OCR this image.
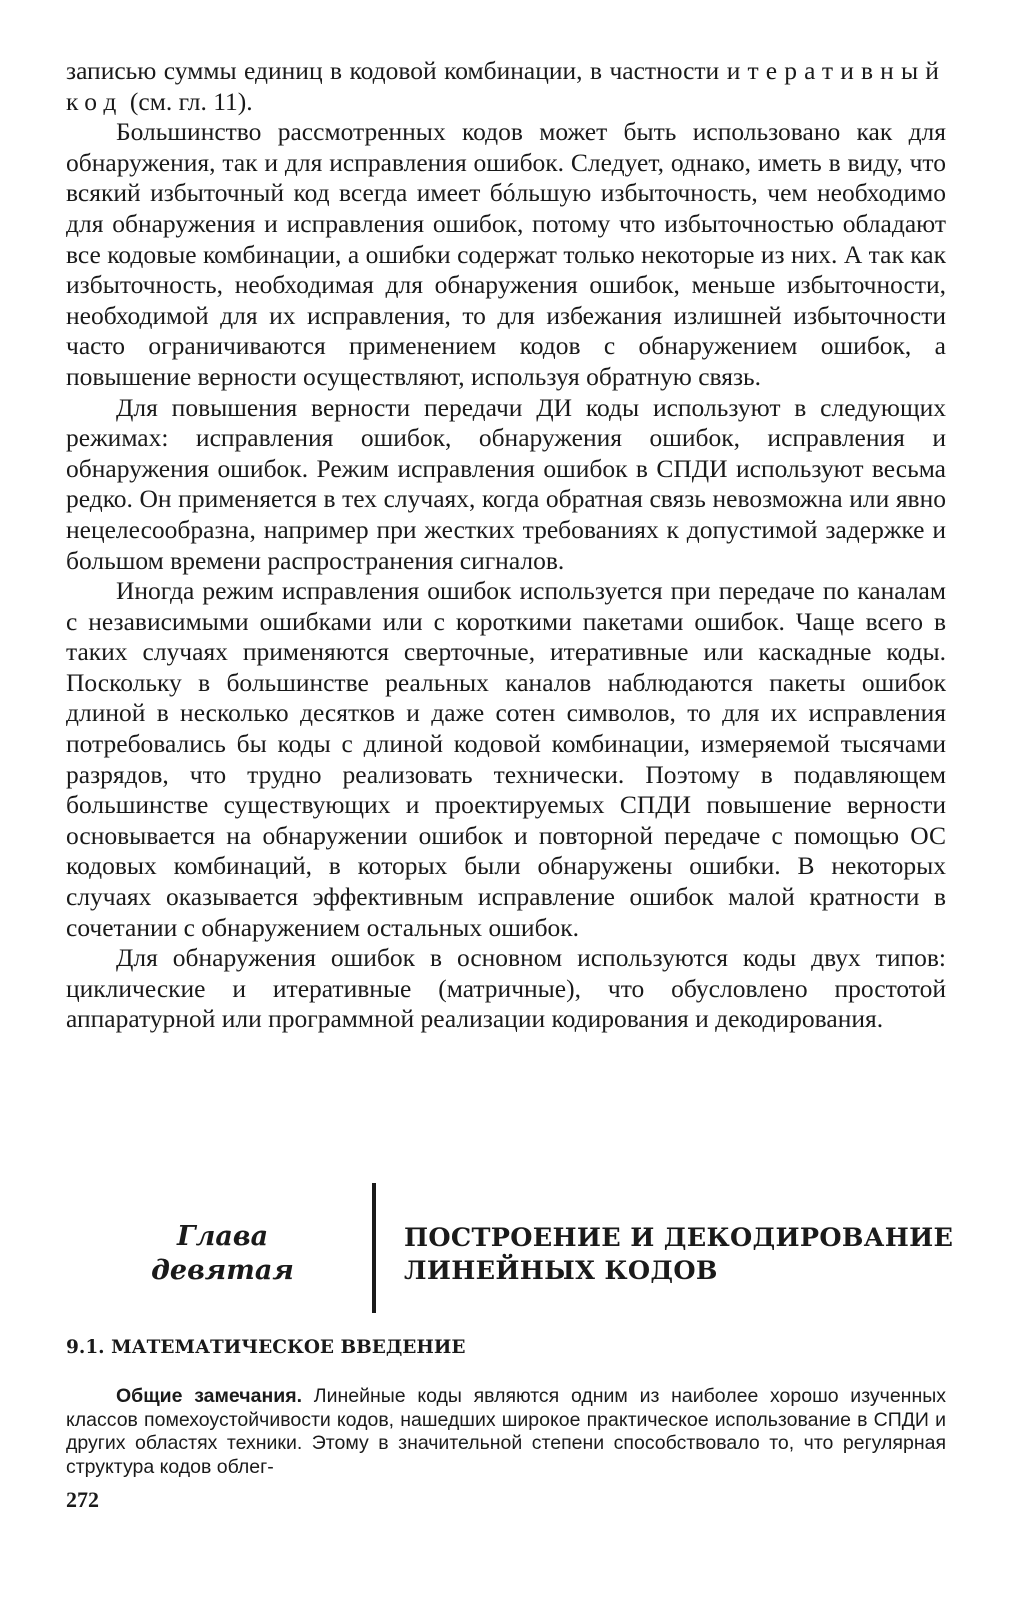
записью суммы единиц в кодовой комбинации, в частности итеративный код (см. гл. 11).

Большинство рассмотренных кодов может быть использовано как для обнаружения, так и для исправления ошибок. Следует, однако, иметь в виду, что всякий избыточный код всегда имеет бóльшую избыточность, чем необходимо для обнаружения и исправления ошибок, потому что избыточностью обладают все кодовые комбинации, а ошибки содержат только некоторые из них. А так как избыточность, необходимая для обнаружения ошибок, меньше избыточности, необходимой для их исправления, то для избежания излишней избыточности часто ограничиваются применением кодов с обнаружением ошибок, а повышение верности осуществляют, используя обратную связь.

Для повышения верности передачи ДИ коды используют в следующих режимах: исправления ошибок, обнаружения ошибок, исправления и обнаружения ошибок. Режим исправления ошибок в СПДИ используют весьма редко. Он применяется в тех случаях, когда обратная связь невозможна или явно нецелесообразна, например при жестких требованиях к допустимой задержке и большом времени распространения сигналов.

Иногда режим исправления ошибок используется при передаче по каналам с независимыми ошибками или с короткими пакетами ошибок. Чаще всего в таких случаях применяются сверточные, итеративные или каскадные коды. Поскольку в большинстве реальных каналов наблюдаются пакеты ошибок длиной в несколько десятков и даже сотен символов, то для их исправления потребовались бы коды с длиной кодовой комбинации, измеряемой тысячами разрядов, что трудно реализовать технически. Поэтому в подавляющем большинстве существующих и проектируемых СПДИ повышение верности основывается на обнаружении ошибок и повторной передаче с помощью ОС кодовых комбинаций, в которых были обнаружены ошибки. В некоторых случаях оказывается эффективным исправление ошибок малой кратности в сочетании с обнаружением остальных ошибок.

Для обнаружения ошибок в основном используются коды двух типов: циклические и итеративные (матричные), что обусловлено простотой аппаратурной или программной реализации кодирования и декодирования.

Глава
девятая
ПОСТРОЕНИЕ И ДЕКОДИРОВАНИЕ
ЛИНЕЙНЫХ КОДОВ
9.1. МАТЕМАТИЧЕСКОЕ ВВЕДЕНИЕ

Общие замечания. Линейные коды являются одним из наиболее хорошо изученных классов помехоустойчивости кодов, нашедших широкое практическое использование в СПДИ и других областях техники. Этому в значительной степени способствовало то, что регулярная структура кодов облег-

272
